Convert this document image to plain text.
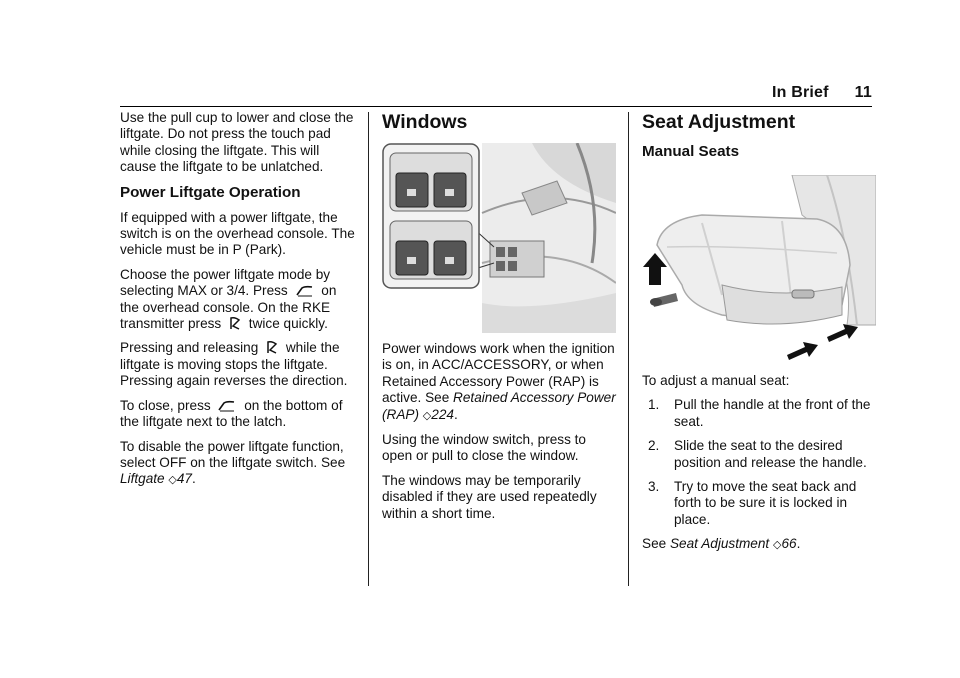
In Brief 11

Use the pull cup to lower and close the liftgate. Do not press the touch pad while closing the liftgate. This will cause the liftgate to be unlatched.

Power Liftgate Operation

If equipped with a power liftgate, the switch is on the overhead console. The vehicle must be in P (Park).

Choose the power liftgate mode by selecting MAX or 3/4. Press on the overhead console. On the RKE transmitter press twice quickly.

Pressing and releasing while the liftgate is moving stops the liftgate. Pressing again reverses the direction.

To close, press on the bottom of the liftgate next to the latch.

To disable the power liftgate function, select OFF on the liftgate switch. See Liftgate ◇47.

Windows

Power windows work when the ignition is on, in ACC/ACCESSORY, or when Retained Accessory Power (RAP) is active. See Retained Accessory Power (RAP) ◇224.

Using the window switch, press to open or pull to close the window.

The windows may be temporarily disabled if they are used repeatedly within a short time.

Seat Adjustment
Manual Seats

To adjust a manual seat:

1. Pull the handle at the front of the seat.
2. Slide the seat to the desired position and release the handle.
3. Try to move the seat back and forth to be sure it is locked in place.

See Seat Adjustment ◇66.
